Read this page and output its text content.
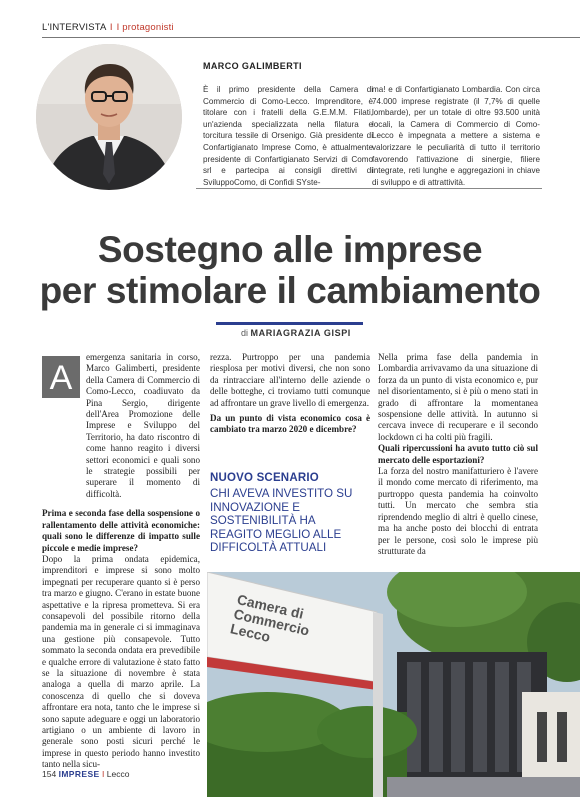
L'INTERVISTA I I protagonisti
MARCO GALIMBERTI
È il primo presidente della Camera di Commercio di Como-Lecco. Imprenditore, è titolare con i fratelli della G.E.M.M. Filati, un'azienda specializzata nella filatura e torcitura tessile di Orsenigo. Già presidente di Confartigianato Imprese Como, è attualmente presidente di Confartigianato Servizi di Como srl e partecipa ai consigli direttivi di SviluppoComo, di Confidi SYste-
ma! e di Confartigianato Lombardia. Con circa 74.000 imprese registrate (il 7,7% di quelle lombarde), per un totale di oltre 93.500 unità locali, la Camera di Commercio di Como-Lecco è impegnata a mettere a sistema e valorizzare le peculiarità di tutto il territorio favorendo l'attivazione di sinergie, filiere integrate, reti lunghe e aggregazioni in chiave di sviluppo e di attrattività.
Sostegno alle imprese
per stimolare il cambiamento
di MARIAGRAZIA GISPI
A

emergenza sanitaria in corso, Marco Galimberti, presidente della Camera di Commercio di Como-Lecco, coadiuvato da Pina Sergio, dirigente dell'Area Promozione delle Imprese e Sviluppo del Territorio, ha dato riscontro di come hanno reagito i diversi settori economici e quali sono le strategie possibili per superare il momento di difficoltà.

Prima e seconda fase della sospensione o rallentamento delle attività economiche: quali sono le differenze di impatto sulle piccole e medie imprese?

Dopo la prima ondata epidemica, imprenditori e imprese si sono molto impegnati per recuperare quanto si è perso tra marzo e giugno. C'erano in estate buone aspettative e la ripresa prometteva. Si era consapevoli del possibile ritorno della pandemia ma in generale ci si immaginava una gestione più consapevole. Tutto sommato la seconda ondata era prevedibile e qualche errore di valutazione è stato fatto se la situazione di novembre è stata analoga a quella di marzo aprile. La conoscenza di quello che si doveva affrontare era nota, tanto che le imprese si sono sapute adeguare e oggi un laboratorio artigiano o un ambiente di lavoro in generale sono posti sicuri perché le imprese in questo periodo hanno investito tanto nella sicu-

rezza. Purtroppo per una pandemia riesplosa per motivi diversi, che non sono da rintracciare all'interno delle aziende o delle botteghe, ci troviamo tutti comunque ad affrontare un grave livello di emergenza.

Da un punto di vista economico cosa è cambiato tra marzo 2020 e dicembre?

NUOVO SCENARIO
CHI AVEVA INVESTITO SU INNOVAZIONE E SOSTENIBILITÀ HA REAGITO MEGLIO ALLE DIFFICOLTÀ ATTUALI

Nella prima fase della pandemia in Lombardia arrivavamo da una situazione di forza da un punto di vista economico e, pur nel disorientamento, si è più o meno stati in grado di affrontare la momentanea sospensione delle attività. In autunno si cercava invece di recuperare e il secondo lockdown ci ha colti più fragili.

Quali ripercussioni ha avuto tutto ciò sul mercato delle esportazioni?

La forza del nostro manifatturiero è l'avere il mondo come mercato di riferimento, ma purtroppo questa pandemia ha coinvolto tutti. Un mercato che sembra stia riprendendo meglio di altri è quello cinese, ma ha anche posto dei blocchi di entrata per le persone, così solo le imprese più strutturate da

Camera di Commercio Lecco
154 IMPRESE I Lecco
